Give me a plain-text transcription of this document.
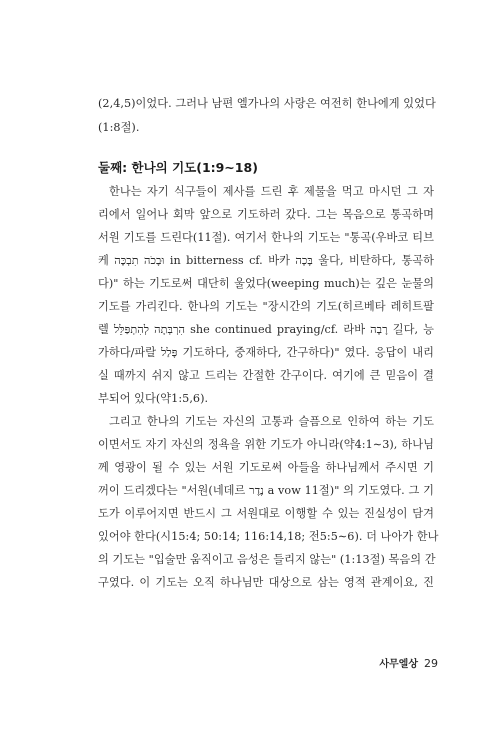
(2,4,5)이었다. 그러나 남편 엘가나의 사랑은 여전히 한나에게 있었다
(1:8절).
둘째: 한나의 기도(1:9∼18)
한나는 자기 식구들이 제사를 드린 후 제물을 먹고 마시던 그 자
리에서 일어나 회막 앞으로 기도하러 갔다. 그는 목음으로 통곡하며
서원 기도를 드린다(11절). 여기서 한나의 기도는 "통곡(우바코 티브
케 וּבָכֹה תִבְכֶּה in bitterness cf. 바카 בָּכָה 울다, 비탄하다, 통곡하
다)" 하는 기도로써 대단히 울었다(weeping much)는 깊은 눈물의
기도를 가리킨다. 한나의 기도는 "장시간의 기도(히르베타 레히트팔
렐 הִרְבְּתָה לְהִתְפַּלֵּל she continued praying/cf. 라바 רָבָה 길다, 능
가하다/파랄 פָּלַל 기도하다, 중재하다, 간구하다)" 였다. 응답이 내리
실 때까지 쉬지 않고 드리는 간절한 간구이다. 여기에 큰 믿음이 결
부되어 있다(약1:5,6).
그리고 한나의 기도는 자신의 고통과 슬픔으로 인하여 하는 기도
이면서도 자기 자신의 정욕을 위한 기도가 아니라(약4:1∼3), 하나님
께 영광이 될 수 있는 서원 기도로써 아들을 하나님께서 주시면 기
꺼이 드리겠다는 "서원(네데르 נֶדֶר a vow 11절)" 의 기도였다. 그 기
도가 이루어지면 반드시 그 서원대로 이행할 수 있는 진실성이 담겨
있어야 한다(시15:4; 50:14; 116:14,18; 전5:5∼6). 더 나아가 한나
의 기도는 "입술만 움직이고 음성은 들리지 않는" (1:13절) 목음의 간
구였다. 이 기도는 오직 하나님만 대상으로 삼는 영적 관계이요, 진
사무엘상 29
